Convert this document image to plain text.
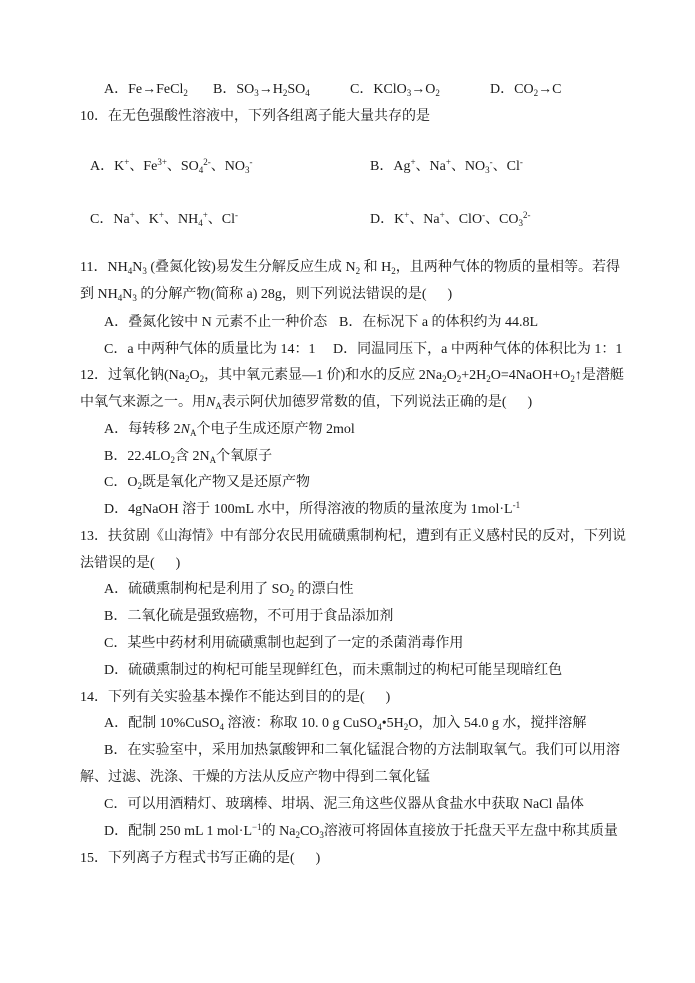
A．Fe→FeCl$_2$ B．$SO_3\to H_2SO_4$	C．$KClO_3\to O_2$	D．$CO_2\to C$
10．在无色强酸性溶液中，下列各组离子能大量共存的是
A．K+、$Fe^{3+}$、$SO_4^{2-}$、$NO_3^-$	B．Ag+、Na+、$NO_3^-$、Cl-
C．Na+、K+、$NH_4^+$、Cl-	D．K+、Na+、ClO-、$CO_3^{2-}$
11．$NH_4N_3$ (叠氮化铵)易发生分解反应生成 $N_2$ 和 $H_2$，且两种气体的物质的量相等。若得
到 $NH_4N_3$ 的分解产物(简称 a) 28g，则下列说法错误的是(      )
A．叠氮化铵中 N 元素不止一种价态 B．在标况下 a 的体积约为 44.8L
C．a 中两种气体的质量比为 14：1 D．同温同压下，a 中两种气体的体积比为 1：1
12．过氧化钠($Na_2O_2$，其中氧元素显—1 价)和水的反应 $2Na_2O_2+2H_2O=4NaOH+O_2↑$是潜艇
中氧气来源之一。用$N_A$表示阿伏加德罗常数的值，下列说法正确的是(      )
A．每转移 $2N_A$个电子生成还原产物 2mol
B．$22.4LO_2$含 $2N_A$个氧原子
C．$O_2$既是氧化产物又是还原产物
D．4gNaOH 溶于 100mL 水中，所得溶液的物质的量浓度为 $1mol\cdot L^{-1}$
13．扶贫剧《山海情》中有部分农民用硫磺熏制枸杞，遭到有正义感村民的反对，下列说
法错误的是(      )
A．硫磺熏制枸杞是利用了 $SO_2$ 的漂白性
B．二氧化硫是强致癌物，不可用于食品添加剂
C．某些中药材利用硫磺熏制也起到了一定的杀菌消毒作用
D．硫磺熏制过的枸杞可能呈现鲜红色，而未熏制过的枸杞可能呈现暗红色
14．下列有关实验基本操作不能达到目的的是(      )
A．配制 10%CuSO$_4$ 溶液：称取 10. 0 g $CuSO_4•5H_2O$，加入 54.0 g 水，搅拌溶解
B．在实验室中，采用加热氯酸钾和二氧化锰混合物的方法制取氧气。我们可以用溶
解、过滤、洗涤、干燥的方法从反应产物中得到二氧化锰
C．可以用酒精灯、玻璃棒、坩埚、泥三角这些仪器从食盐水中获取 NaCl 晶体
D．配制 250 mL 1 $mol\cdot L^{-1}$的 $Na_2CO_3$溶液可将固体直接放于托盘天平左盘中称其质量
15．下列离子方程式书写正确的是(      )
